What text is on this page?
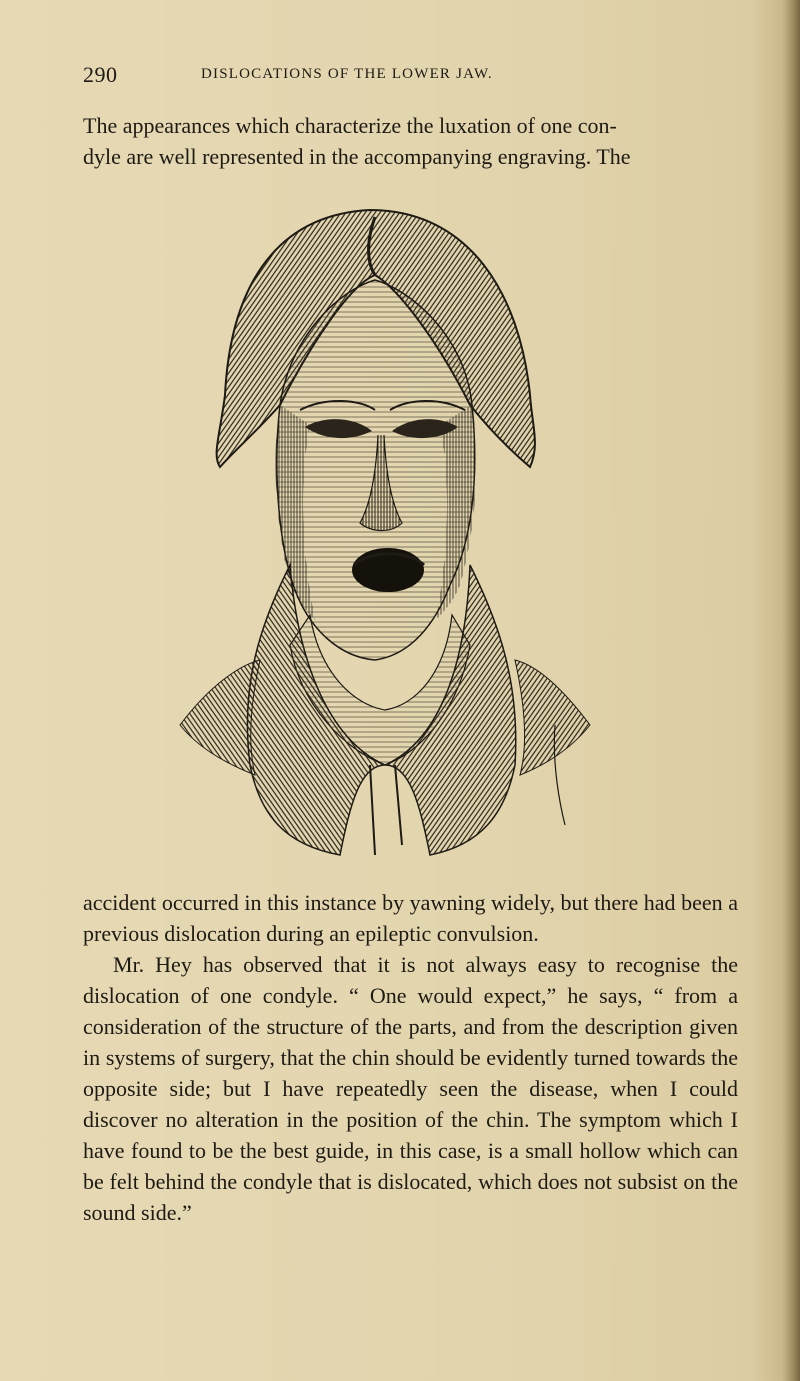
290	DISLOCATIONS OF THE LOWER JAW.

The appearances which characterize the luxation of one con-
dyle are well represented in the accompanying engraving. The

accident occurred in this instance by yawning widely, but there had been a previous dislocation during an epileptic convulsion.

Mr. Hey has observed that it is not always easy to recognise the dislocation of one condyle. “ One would expect,” he says, “ from a consideration of the structure of the parts, and from the description given in systems of surgery, that the chin should be evidently turned towards the opposite side; but I have repeatedly seen the disease, when I could discover no alteration in the position of the chin. The symptom which I have found to be the best guide, in this case, is a small hollow which can be felt behind the condyle that is dislocated, which does not subsist on the sound side.”
